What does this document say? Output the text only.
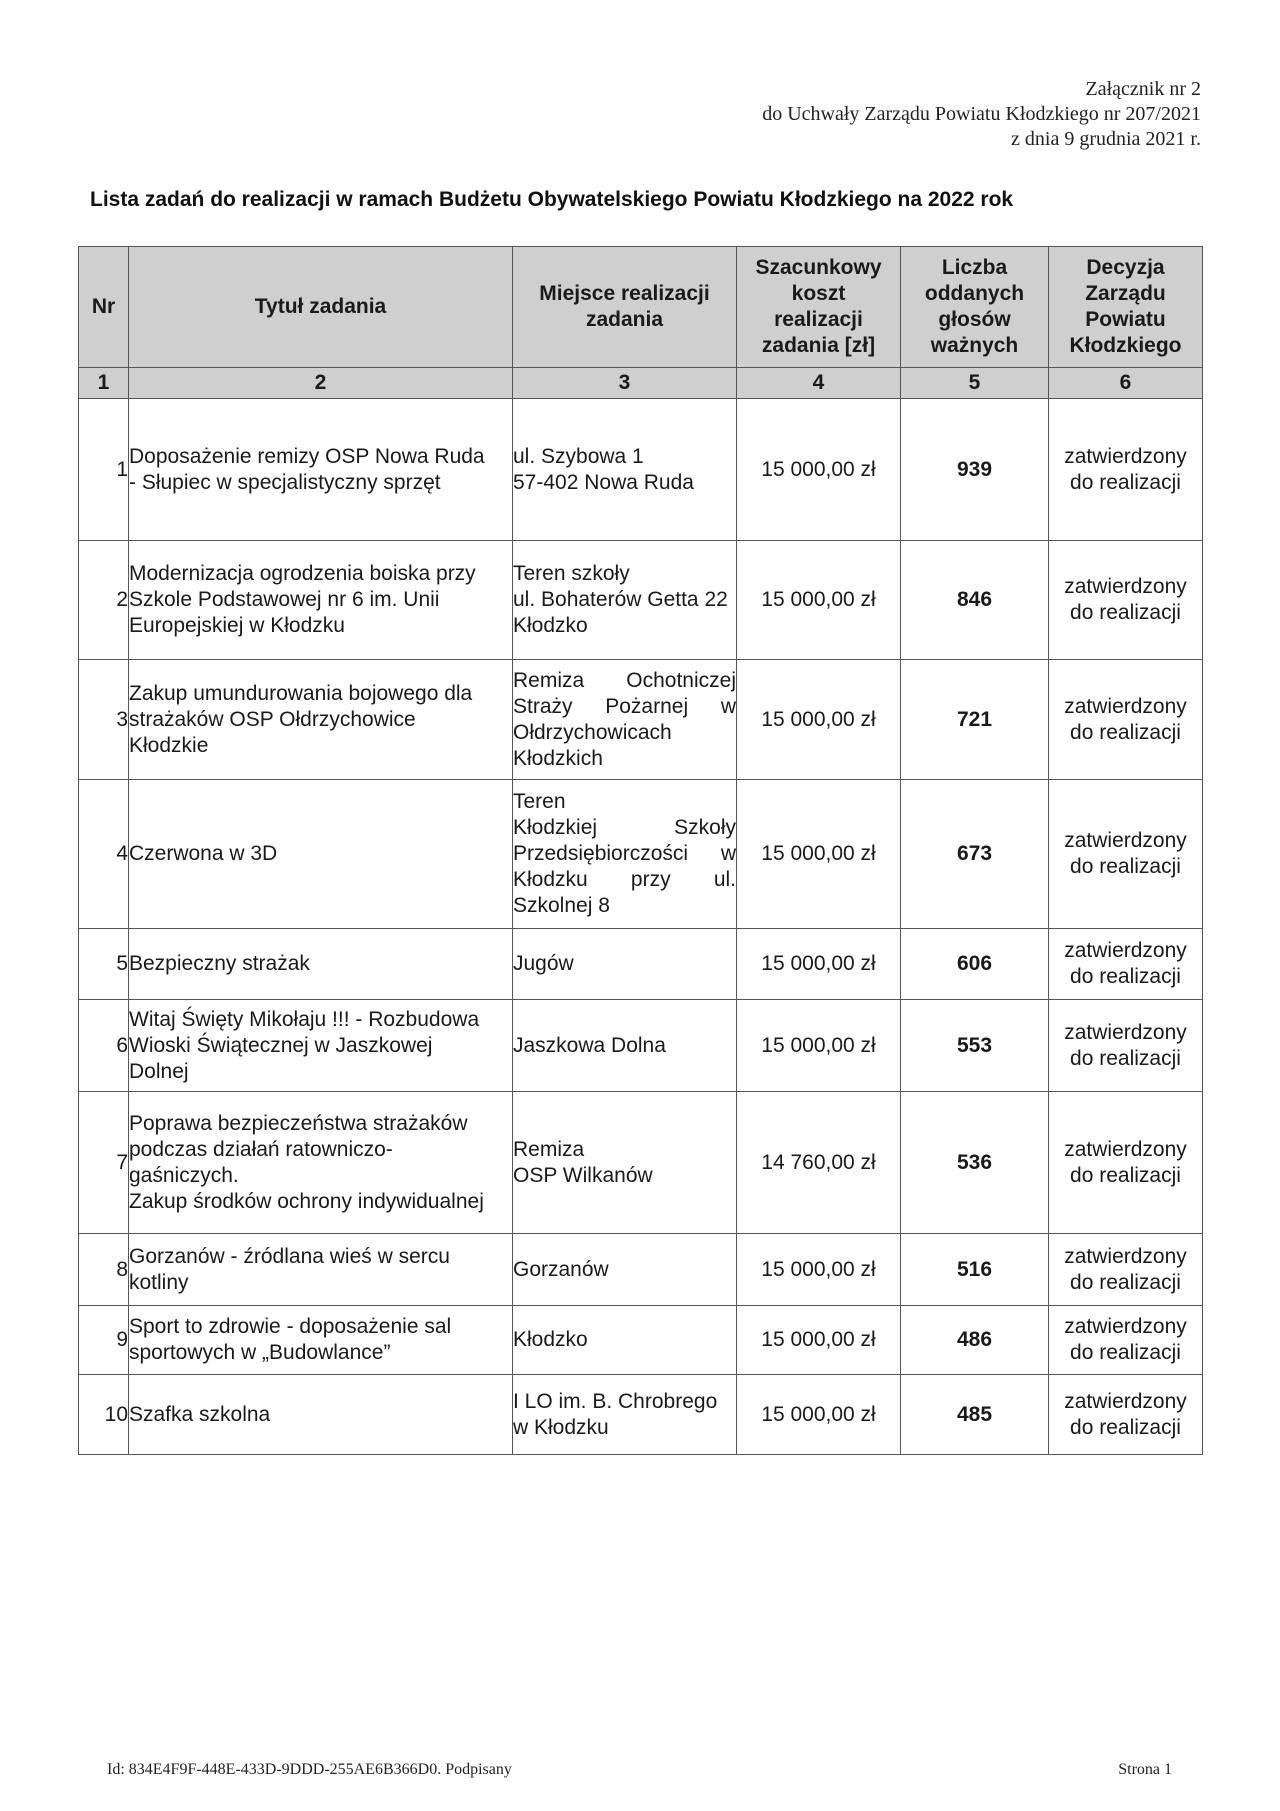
Załącznik nr 2
do Uchwały Zarządu Powiatu Kłodzkiego nr 207/2021
z dnia 9 grudnia 2021 r.
Lista zadań do realizacji w ramach Budżetu Obywatelskiego Powiatu Kłodzkiego na 2022 rok
Nr	Tytuł zadania	Miejsce realizacji
zadania	Szacunkowy
koszt
realizacji
zadania [zł]	Liczba
oddanych
głosów
ważnych	Decyzja
Zarządu
Powiatu
Kłodzkiego
1	2	3	4	5	6
1	Doposażenie remizy OSP Nowa Ruda
- Słupiec w specjalistyczny sprzęt	ul. Szybowa 1
57-402 Nowa Ruda	15 000,00 zł	939	zatwierdzony
do realizacji
2	Modernizacja ogrodzenia boiska przy
Szkole Podstawowej nr 6 im. Unii
Europejskiej w Kłodzku	Teren szkoły
ul. Bohaterów Getta 22
Kłodzko	15 000,00 zł	846	zatwierdzony
do realizacji
3	Zakup umundurowania bojowego dla
strażaków OSP Ołdrzychowice
Kłodzkie	Remiza Ochotniczej Straży Pożarnej w Ołdrzychowicach Kłodzkich	15 000,00 zł	721	zatwierdzony
do realizacji
4	Czerwona w 3D	Teren
Kłodzkiej Szkoły Przedsiębiorczości w Kłodzku przy ul. Szkolnej 8	15 000,00 zł	673	zatwierdzony
do realizacji
5	Bezpieczny strażak	Jugów	15 000,00 zł	606	zatwierdzony
do realizacji
6	Witaj Święty Mikołaju !!! - Rozbudowa
Wioski Świątecznej w Jaszkowej
Dolnej	Jaszkowa Dolna	15 000,00 zł	553	zatwierdzony
do realizacji
7	Poprawa bezpieczeństwa strażaków
podczas działań ratowniczo-
gaśniczych.
Zakup środków ochrony indywidualnej	Remiza
OSP Wilkanów	14 760,00 zł	536	zatwierdzony
do realizacji
8	Gorzanów - źródlana wieś w sercu
kotliny	Gorzanów	15 000,00 zł	516	zatwierdzony
do realizacji
9	Sport to zdrowie - doposażenie sal
sportowych w „Budowlance”	Kłodzko	15 000,00 zł	486	zatwierdzony
do realizacji
10	Szafka szkolna	I LO im. B. Chrobrego
w Kłodzku	15 000,00 zł	485	zatwierdzony
do realizacji
Id: 834E4F9F-448E-433D-9DDD-255AE6B366D0. Podpisany	Strona 1
